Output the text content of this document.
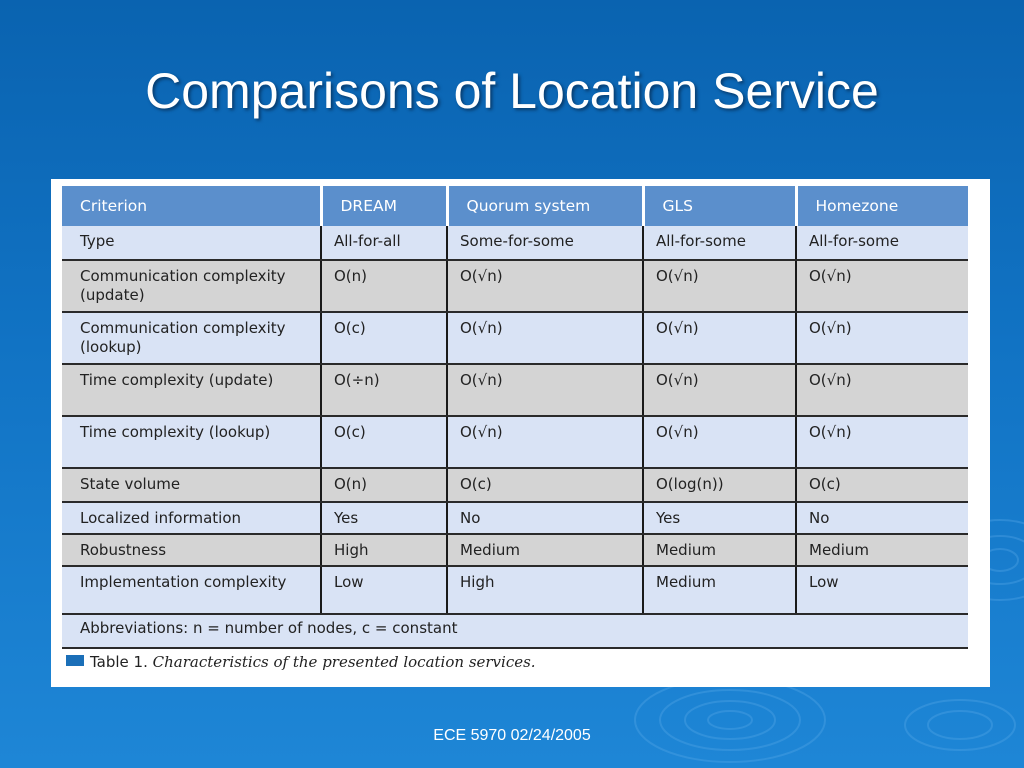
Comparisons of Location Service
Criterion	DREAM	Quorum system	GLS	Homezone
Type	All-for-all	Some-for-some	All-for-some	All-for-some
Communication complexity (update)	O(n)	O(√n)	O(√n)	O(√n)
Communication complexity (lookup)	O(c)	O(√n)	O(√n)	O(√n)
Time complexity (update)	O(÷n)	O(√n)	O(√n)	O(√n)
Time complexity (lookup)	O(c)	O(√n)	O(√n)	O(√n)
State volume	O(n)	O(c)	O(log(n))	O(c)
Localized information	Yes	No	Yes	No
Robustness	High	Medium	Medium	Medium
Implementation complexity	Low	High	Medium	Low
Abbreviations: n = number of nodes, c = constant				
Table 1. Characteristics of the presented location services.
ECE 5970 02/24/2005
